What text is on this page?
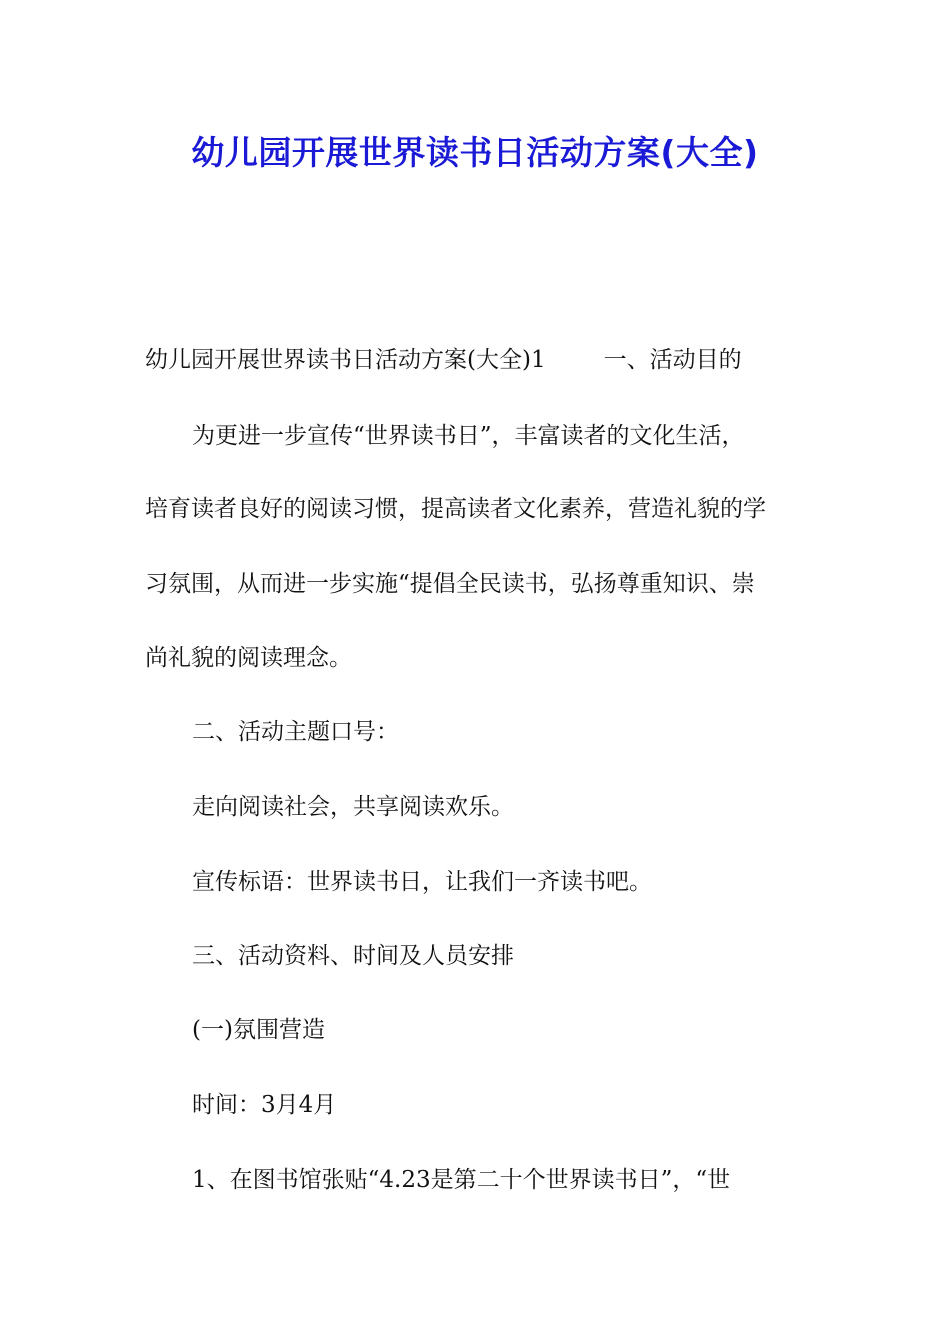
幼儿园开展世界读书日活动方案(大全)
幼儿园开展世界读书日活动方案(大全)1	一、活动目的
为更进一步宣传“世界读书日”，丰富读者的文化生活，
培育读者良好的阅读习惯，提高读者文化素养，营造礼貌的学
习氛围，从而进一步实施“提倡全民读书，弘扬尊重知识、崇
尚礼貌的阅读理念。
二、活动主题口号：
走向阅读社会，共享阅读欢乐。
宣传标语：世界读书日，让我们一齐读书吧。
三、活动资料、时间及人员安排
(一)氛围营造
时间：3月4月
1、在图书馆张贴“4.23是第二十个世界读书日”，“世
